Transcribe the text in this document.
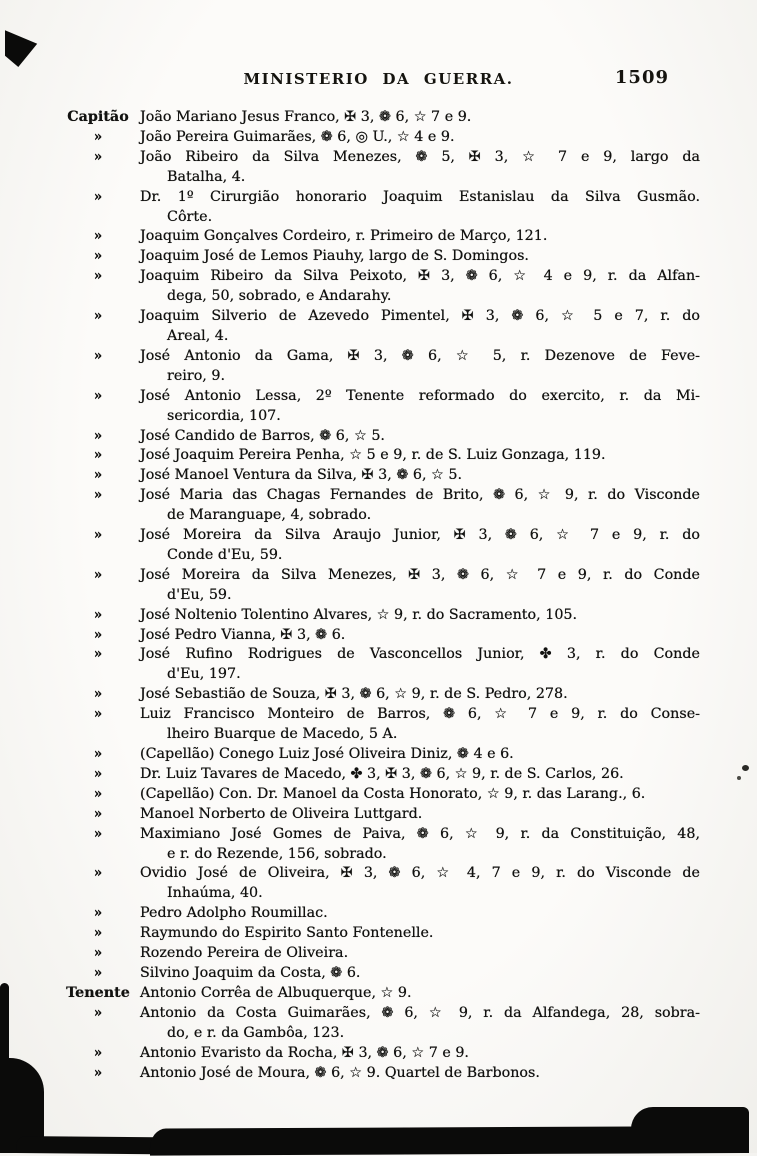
MINISTERIO DA GUERRA.	1509
Capitão João Mariano Jesus Franco, ✠ 3, ❁ 6, ☆ 7 e 9.
»	João Pereira Guimarães, ❁ 6, ◎ U., ☆ 4 e 9.
»	João Ribeiro da Silva Menezes, ❁ 5, ✠ 3, ☆ 7 e 9, largo da
Batalha, 4.
»	Dr. 1º Cirurgião honorario Joaquim Estanislau da Silva Gusmão.
Côrte.
»	Joaquim Gonçalves Cordeiro, r. Primeiro de Março, 121.
»	Joaquim José de Lemos Piauhy, largo de S. Domingos.
»	Joaquim Ribeiro da Silva Peixoto, ✠ 3, ❁ 6, ☆ 4 e 9, r. da Alfan-
dega, 50, sobrado, e Andarahy.
»	Joaquim Silverio de Azevedo Pimentel, ✠ 3, ❁ 6, ☆ 5 e 7, r. do
Areal, 4.
»	José Antonio da Gama, ✠ 3, ❁ 6, ☆ 5, r. Dezenove de Feve-
reiro, 9.
»	José Antonio Lessa, 2º Tenente reformado do exercito, r. da Mi-
sericordia, 107.
»	José Candido de Barros, ❁ 6, ☆ 5.
»	José Joaquim Pereira Penha, ☆ 5 e 9, r. de S. Luiz Gonzaga, 119.
»	José Manoel Ventura da Silva, ✠ 3, ❁ 6, ☆ 5.
»	José Maria das Chagas Fernandes de Brito, ❁ 6, ☆ 9, r. do Visconde
de Maranguape, 4, sobrado.
»	José Moreira da Silva Araujo Junior, ✠ 3, ❁ 6, ☆ 7 e 9, r. do
Conde d'Eu, 59.
»	José Moreira da Silva Menezes, ✠ 3, ❁ 6, ☆ 7 e 9, r. do Conde
d'Eu, 59.
»	José Noltenio Tolentino Alvares, ☆ 9, r. do Sacramento, 105.
»	José Pedro Vianna, ✠ 3, ❁ 6.
»	José Rufino Rodrigues de Vasconcellos Junior, ✤ 3, r. do Conde
d'Eu, 197.
»	José Sebastião de Souza, ✠ 3, ❁ 6, ☆ 9, r. de S. Pedro, 278.
»	Luiz Francisco Monteiro de Barros, ❁ 6, ☆ 7 e 9, r. do Conse-
lheiro Buarque de Macedo, 5 A.
»	(Capellão) Conego Luiz José Oliveira Diniz, ❁ 4 e 6.
»	Dr. Luiz Tavares de Macedo, ✤ 3, ✠ 3, ❁ 6, ☆ 9, r. de S. Carlos, 26.
»	(Capellão) Con. Dr. Manoel da Costa Honorato, ☆ 9, r. das Larang., 6.
»	Manoel Norberto de Oliveira Luttgard.
»	Maximiano José Gomes de Paiva, ❁ 6, ☆ 9, r. da Constituição, 48,
e r. do Rezende, 156, sobrado.
»	Ovidio José de Oliveira, ✠ 3, ❁ 6, ☆ 4, 7 e 9, r. do Visconde de
Inhaúma, 40.
»	Pedro Adolpho Roumillac.
»	Raymundo do Espirito Santo Fontenelle.
»	Rozendo Pereira de Oliveira.
»	Silvino Joaquim da Costa, ❁ 6.
Tenente Antonio Corrêa de Albuquerque, ☆ 9.
»	Antonio da Costa Guimarães, ❁ 6, ☆ 9, r. da Alfandega, 28, sobra-
do, e r. da Gambôa, 123.
»	Antonio Evaristo da Rocha, ✠ 3, ❁ 6, ☆ 7 e 9.
»	Antonio José de Moura, ❁ 6, ☆ 9. Quartel de Barbonos.
